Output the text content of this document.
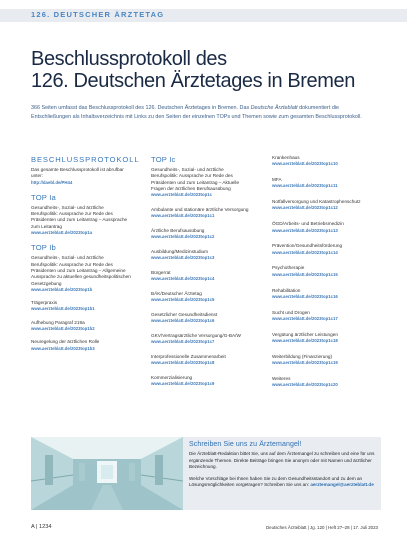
126. DEUTSCHER ÄRZTETAG
Beschlussprotokoll des
126. Deutschen Ärztetages in Bremen
366 Seiten umfasst das Beschlussprotokoll des 126. Deutschen Ärztetages in Bremen. Das Deutsche Ärzteblatt dokumentiert die Entschließungen als Inhaltsverzeichnis mit Links zu den Seiten der einzelnen TOPs und Themen sowie zum gesamten Beschlussprotokoll.
BESCHLUSSPROTOKOLL
Das gesamte Beschlussprotokoll ist abrufbar unter:
http://daebl.de/PH44
TOP Ia
Gesundheits-, Sozial- und ärztliche Berufspolitik: Aussprache zur Rede des Präsidenten und zum Leitantrag – Aussprache zum Leitantrag
www.aerzteblatt.de/2023top1a
TOP Ib
Gesundheits-, Sozial- und ärztliche Berufspolitik: Aussprache zur Rede des Präsidenten und zum Leitantrag – Allgemeine Aussprache zu aktuellen gesundheitspolitischen Gesetzgebung
www.aerzteblatt.de/2023top1b
Trägerpraxis
www.aerzteblatt.de/2023top1b1
Aufhebung Paragraf 219a
www.aerzteblatt.de/2023top1b2
Neuregelung der ärztlichen Rolle
www.aerzteblatt.de/2023top1b3
TOP Ic
Gesundheits-, Sozial- und ärztliche Berufspolitik: Aussprache zur Rede des Präsidenten und zum Leitantrag – Aktuelle Fragen der ärztlichen Berufsausübung
www.aerzteblatt.de/2023top1c
Ambulante und stationäre ärztliche Versorgung
www.aerzteblatt.de/2023top1c1
Ärztliche Berufsausübung
www.aerzteblatt.de/2023top1c2
Ausbildung/Medizinstudium
www.aerzteblatt.de/2023top1c3
Bürgerrat
www.aerzteblatt.de/2023top1c4
BÄK/Deutscher Ärztetag
www.aerzteblatt.de/2023top1c5
Gesetzlicher Gesundheitsdienst
www.aerzteblatt.de/2023top1c6
GKV/Vertragsärztliche Versorgung/G-BA/W
www.aerzteblatt.de/2023top1c7
Interprofessionelle Zusammenarbeit
www.aerzteblatt.de/2023top1c8
Kommerzialisierung
www.aerzteblatt.de/2023top1c9
Krankenhaus
www.aerzteblatt.de/2023top1c10
MFA
www.aerzteblatt.de/2023top1c11
Notfallversorgung und Katastrophenschutz
www.aerzteblatt.de/2023top1c12
ÖGD/Arbeits- und Betriebsmedizin
www.aerzteblatt.de/2023top1c13
Prävention/Gesundheitsförderung
www.aerzteblatt.de/2023top1c14
Psychotherapie
www.aerzteblatt.de/2023top1c15
Rehabilitation
www.aerzteblatt.de/2023top1c16
Sucht und Drogen
www.aerzteblatt.de/2023top1c17
Vergütung ärztlicher Leistungen
www.aerzteblatt.de/2023top1c18
Weiterbildung (Finanzierung)
www.aerzteblatt.de/2023top1c19
Weiteres
www.aerzteblatt.de/2023top1c20
Schreiben Sie uns zu Ärztemangel!

Die Ärzteblatt-Redaktion bittet Sie, uns auf dem Ärztemangel zu schreiben und eine für uns ergänzende Themen. Direkte Beiträge bringen Sie anonym oder mit Namen und ärztlicher Bezeichnung.

Welche Vorschläge bei Ihnen haben Sie zu dem Gesundheitsstandort und zu dem an Lösungsmöglichkeiten vorgetragen? Schreiben Sie uns an: aerztemangel@aerzteblatt.de

A | 1234	Deutsches Ärzteblatt | Jg. 120 | Heft 27–28 | 17. Juli 2023
